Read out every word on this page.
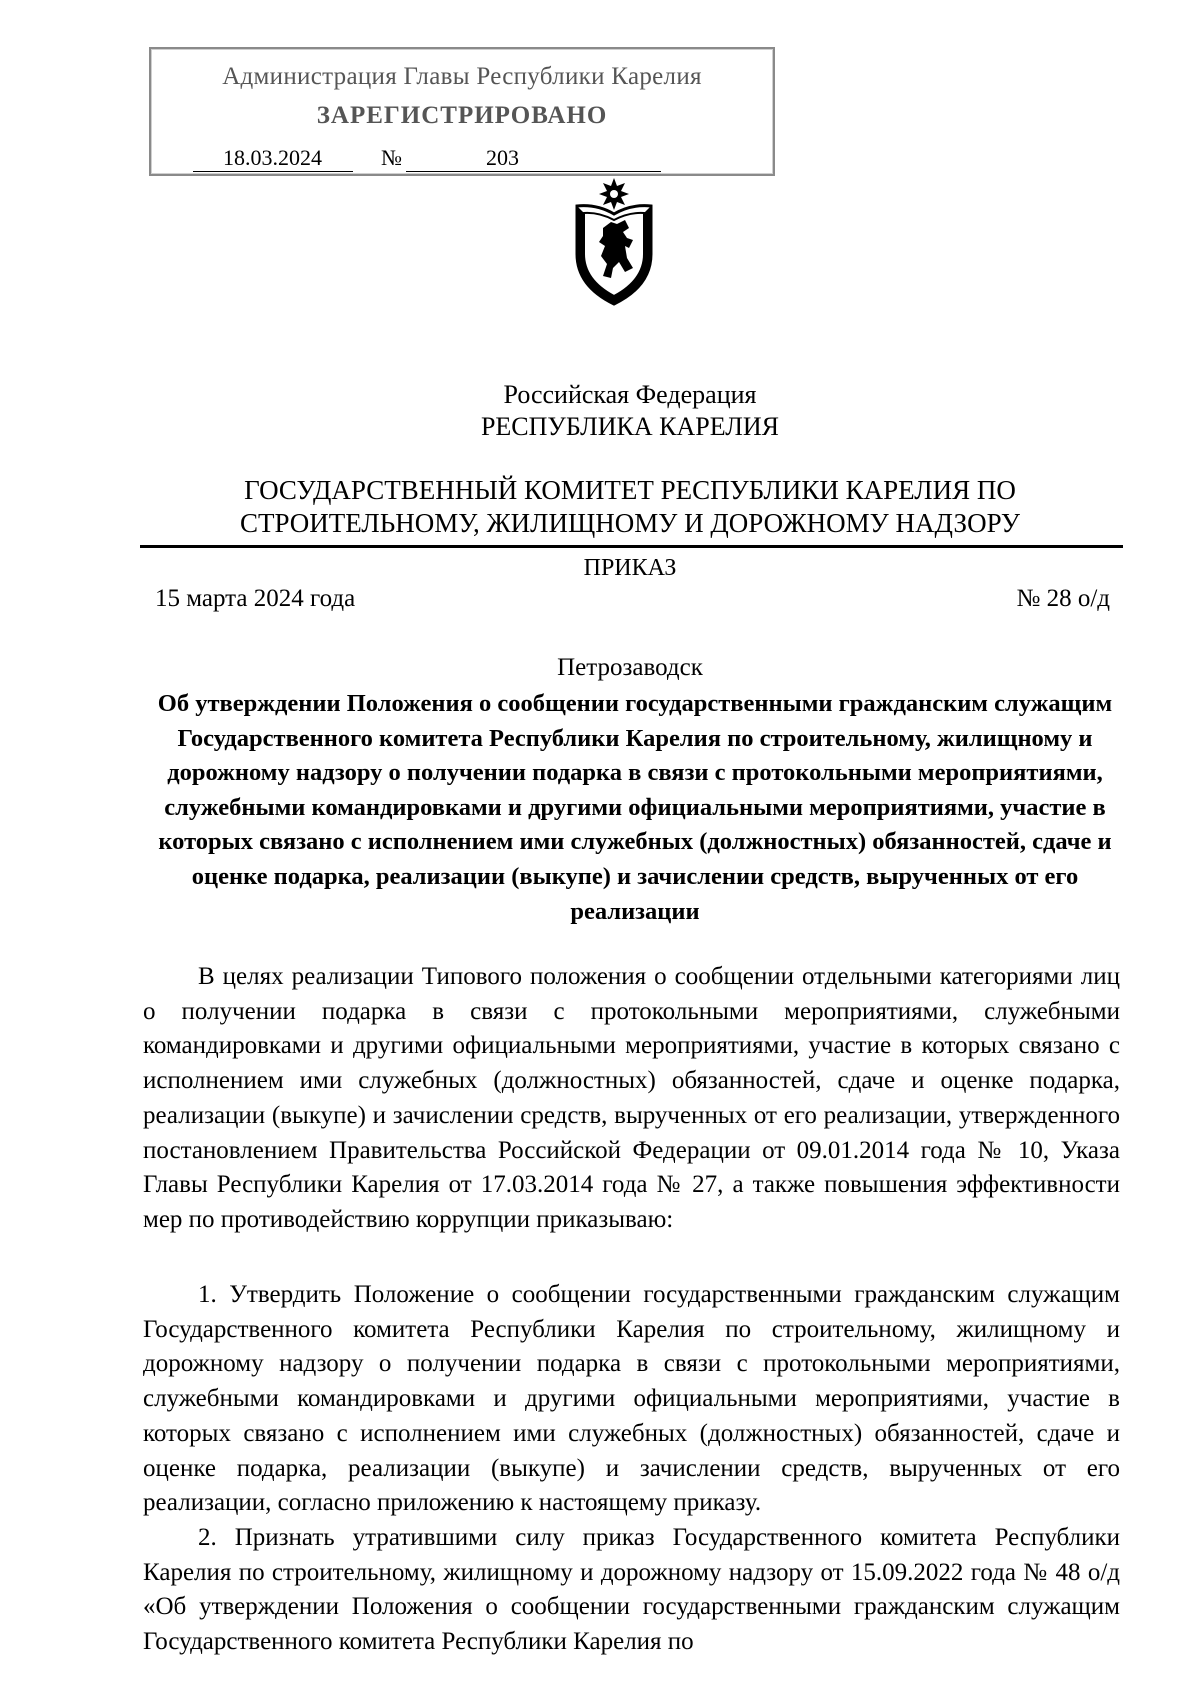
Администрация Главы Республики Карелия
ЗАРЕГИСТРИРОВАНО
18.03.2024	№	203
Российская Федерация
РЕСПУБЛИКА КАРЕЛИЯ
ГОСУДАРСТВЕННЫЙ КОМИТЕТ РЕСПУБЛИКИ КАРЕЛИЯ ПО
СТРОИТЕЛЬНОМУ, ЖИЛИЩНОМУ И ДОРОЖНОМУ НАДЗОРУ
ПРИКАЗ
15 марта 2024 года	№ 28 о/д
Петрозаводск
Об утверждении Положения о сообщении государственными гражданским служащим Государственного комитета Республики Карелия по строительному, жилищному и дорожному надзору о получении подарка в связи с протокольными мероприятиями, служебными командировками и другими официальными мероприятиями, участие в которых связано с исполнением ими служебных (должностных) обязанностей, сдаче и оценке подарка, реализации (выкупе) и зачислении средств, вырученных от его реализации
В целях реализации Типового положения о сообщении отдельными категориями лиц о получении подарка в связи с протокольными мероприятиями, служебными командировками и другими официальными мероприятиями, участие в которых связано с исполнением ими служебных (должностных) обязанностей, сдаче и оценке подарка, реализации (выкупе) и зачислении средств, вырученных от его реализации, утвержденного постановлением Правительства Российской Федерации от 09.01.2014 года № 10, Указа Главы Республики Карелия от 17.03.2014 года № 27, а также повышения эффективности мер по противодействию коррупции приказываю:
1. Утвердить Положение о сообщении государственными гражданским служащим Государственного комитета Республики Карелия по строительному, жилищному и дорожному надзору о получении подарка в связи с протокольными мероприятиями, служебными командировками и другими официальными мероприятиями, участие в которых связано с исполнением ими служебных (должностных) обязанностей, сдаче и оценке подарка, реализации (выкупе) и зачислении средств, вырученных от его реализации, согласно приложению к настоящему приказу.
2. Признать утратившими силу приказ Государственного комитета Республики Карелия по строительному, жилищному и дорожному надзору от 15.09.2022 года № 48 о/д «Об утверждении Положения о сообщении государственными гражданским служащим Государственного комитета Республики Карелия по
